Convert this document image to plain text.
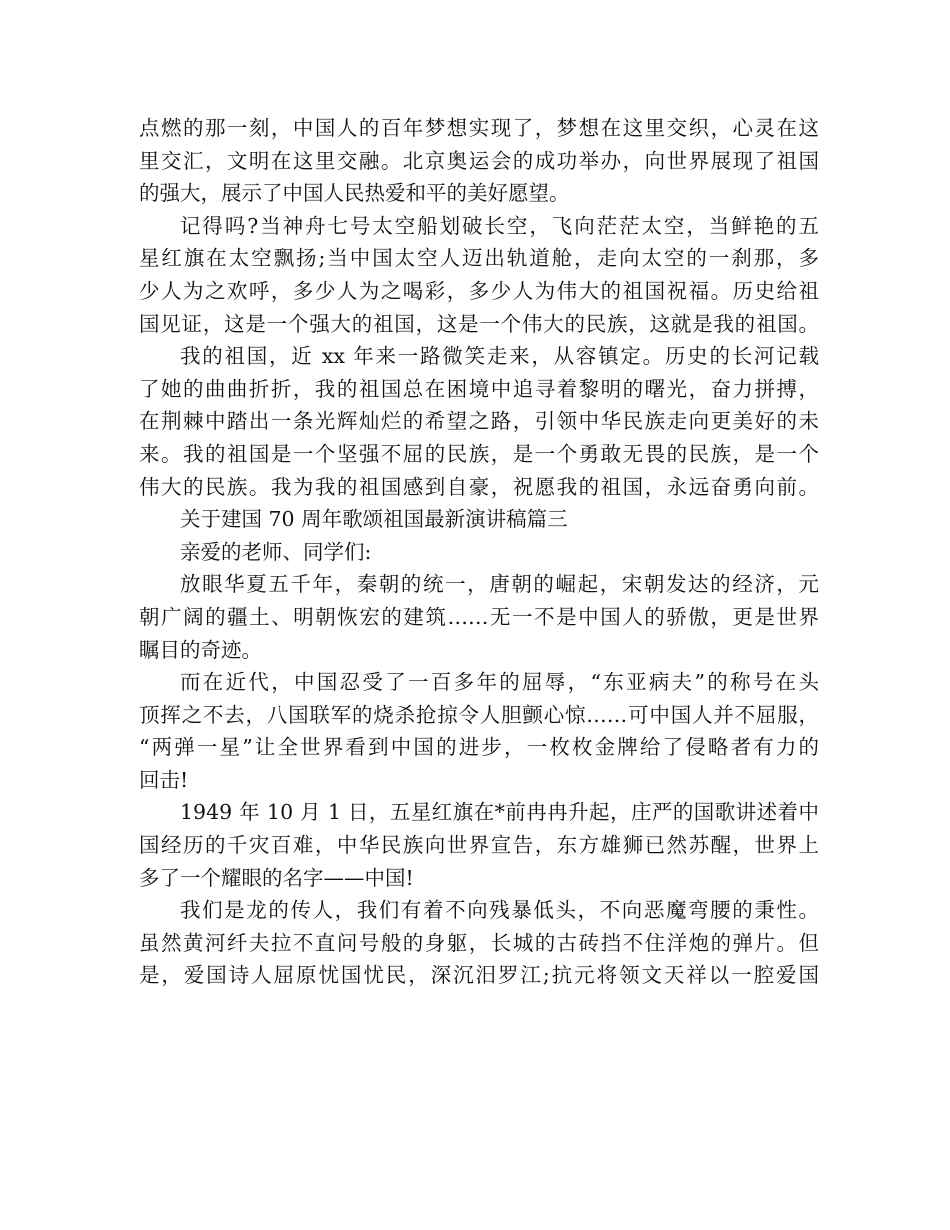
点燃的那一刻，中国人的百年梦想实现了，梦想在这里交织，心灵在这
里交汇，文明在这里交融。北京奥运会的成功举办，向世界展现了祖国
的强大，展示了中国人民热爱和平的美好愿望。
记得吗?当神舟七号太空船划破长空，飞向茫茫太空，当鲜艳的五
星红旗在太空飘扬;当中国太空人迈出轨道舱，走向太空的一刹那，多
少人为之欢呼，多少人为之喝彩，多少人为伟大的祖国祝福。历史给祖
国见证，这是一个强大的祖国，这是一个伟大的民族，这就是我的祖国。
我的祖国，近 xx 年来一路微笑走来，从容镇定。历史的长河记载
了她的曲曲折折，我的祖国总在困境中追寻着黎明的曙光，奋力拼搏，
在荆棘中踏出一条光辉灿烂的希望之路，引领中华民族走向更美好的未
来。我的祖国是一个坚强不屈的民族，是一个勇敢无畏的民族，是一个
伟大的民族。我为我的祖国感到自豪，祝愿我的祖国，永远奋勇向前。
关于建国 70 周年歌颂祖国最新演讲稿篇三
亲爱的老师、同学们:
放眼华夏五千年，秦朝的统一，唐朝的崛起，宋朝发达的经济，元
朝广阔的疆土、明朝恢宏的建筑……无一不是中国人的骄傲，更是世界
瞩目的奇迹。
而在近代，中国忍受了一百多年的屈辱，“东亚病夫”的称号在头
顶挥之不去，八国联军的烧杀抢掠令人胆颤心惊……可中国人并不屈服，
“两弹一星”让全世界看到中国的进步，一枚枚金牌给了侵略者有力的
回击!
1949 年 10 月 1 日，五星红旗在*前冉冉升起，庄严的国歌讲述着中
国经历的千灾百难，中华民族向世界宣告，东方雄狮已然苏醒，世界上
多了一个耀眼的名字——中国!
我们是龙的传人，我们有着不向残暴低头，不向恶魔弯腰的秉性。
虽然黄河纤夫拉不直问号般的身躯，长城的古砖挡不住洋炮的弹片。但
是，爱国诗人屈原忧国忧民，深沉汨罗江;抗元将领文天祥以一腔爱国
